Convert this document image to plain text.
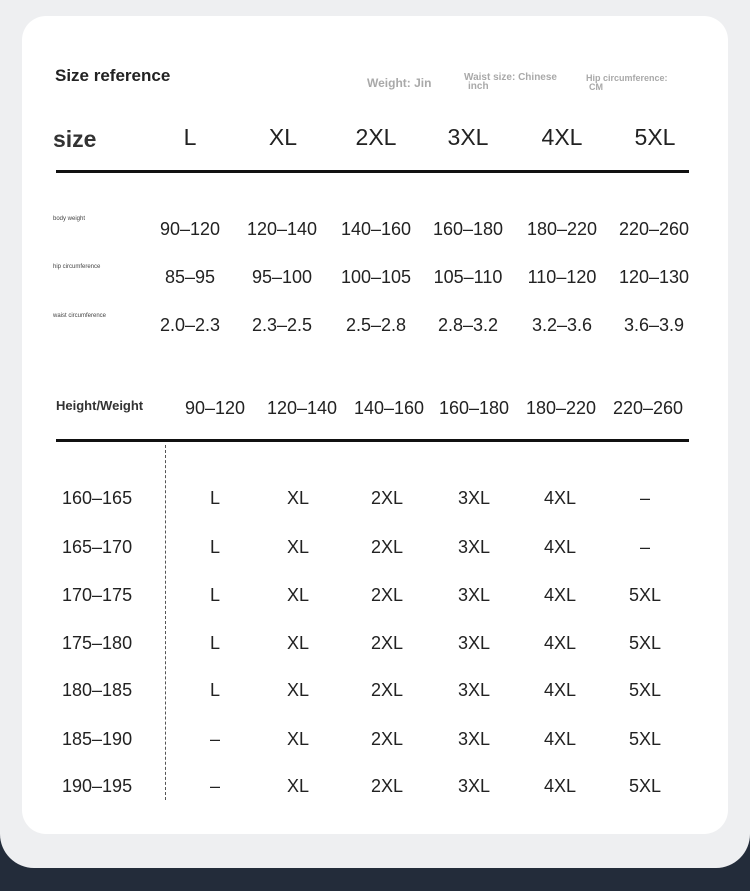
Size reference	Weight: Jin	Waist size: Chinese
inch
Hip circumference:
CM
size	L	XL	2XL 3XL 4XL 5XL
body weight	90–120 120–140 140–160 160–180 180–220 220–260
hip circumference	85–95 95–100 100–105 105–110 110–120 120–130
waist circumference	2.0–2.3 2.3–2.5 2.5–2.8 2.8–3.2 3.2–3.6 3.6–3.9
Height/Weight 90–120 120–140 140–160 160–180 180–220 220–260
160–165	L	XL	2XL	3XL	4XL	–
165–170	L	XL	2XL	3XL	4XL	–
170–175	L	XL	2XL	3XL	4XL	5XL
175–180	L	XL	2XL	3XL	4XL	5XL
180–185	L	XL	2XL	3XL	4XL	5XL
185–190	–	XL	2XL	3XL	4XL	5XL
190–195	–	XL	2XL	3XL	4XL	5XL
